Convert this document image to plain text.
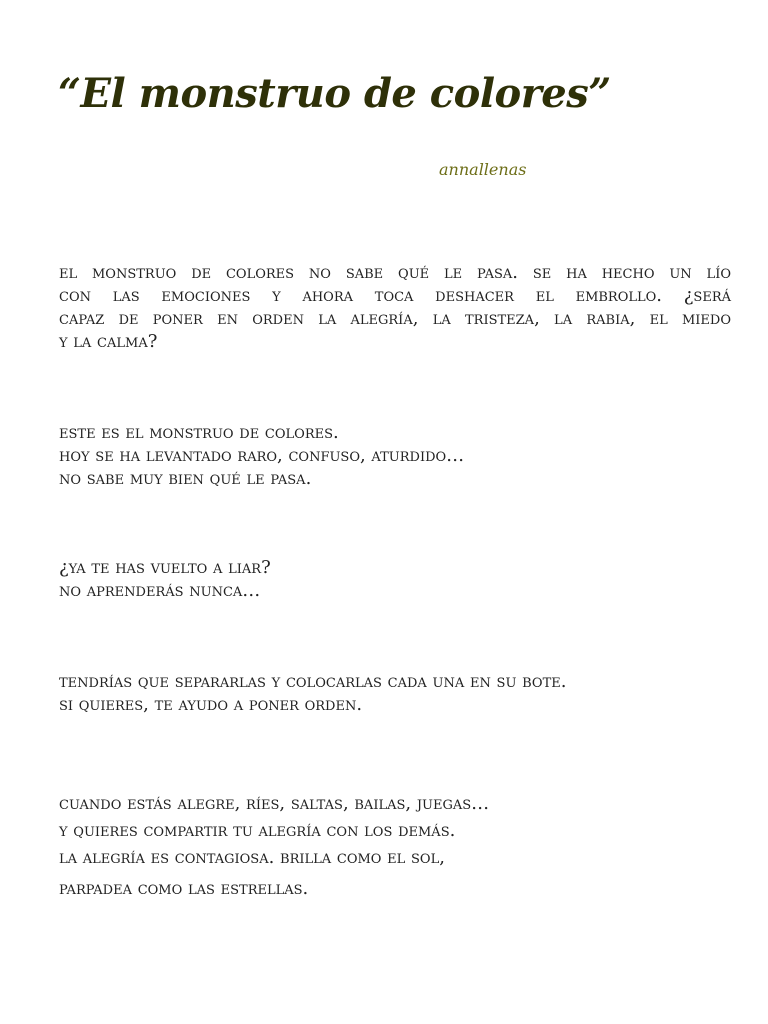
“El monstruo de colores”
annallenas

el monstruo de colores no sabe qué le pasa. se ha hecho un lío
con las emociones y ahora toca deshacer el embrollo. ¿será
capaz de poner en orden la alegría, la tristeza, la rabia, el miedo
y la calma?

este es el monstruo de colores.
hoy se ha levantado raro, confuso, aturdido…
no sabe muy bien qué le pasa.

¿ya te has vuelto a liar?
no aprenderás nunca…

tendrías que separarlas y colocarlas cada una en su bote.
si quieres, te ayudo a poner orden.

cuando estás alegre, ríes, saltas, bailas, juegas…
y quieres compartir tu alegría con los demás.
la alegría es contagiosa. brilla como el sol,
parpadea como las estrellas.
